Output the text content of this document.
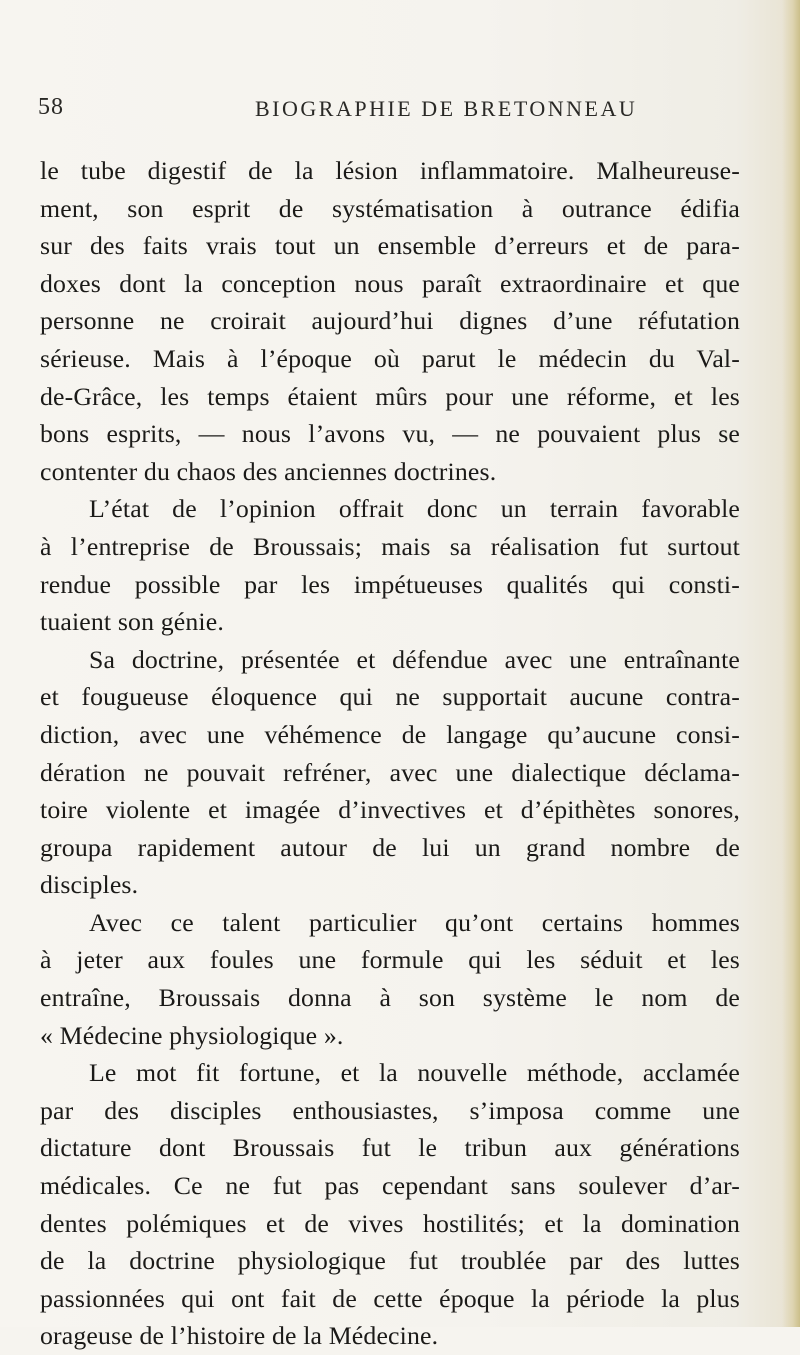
58	BIOGRAPHIE DE BRETONNEAU

le tube digestif de la lésion inflammatoire. Malheureuse-
ment, son esprit de systématisation à outrance édifia
sur des faits vrais tout un ensemble d’erreurs et de para-
doxes dont la conception nous paraît extraordinaire et que
personne ne croirait aujourd’hui dignes d’une réfutation
sérieuse. Mais à l’époque où parut le médecin du Val-
de-Grâce, les temps étaient mûrs pour une réforme, et les
bons esprits, — nous l’avons vu, — ne pouvaient plus se
contenter du chaos des anciennes doctrines.

L’état de l’opinion offrait donc un terrain favorable
à l’entreprise de Broussais; mais sa réalisation fut surtout
rendue possible par les impétueuses qualités qui consti-
tuaient son génie.

Sa doctrine, présentée et défendue avec une entraînante
et fougueuse éloquence qui ne supportait aucune contra-
diction, avec une véhémence de langage qu’aucune consi-
dération ne pouvait refréner, avec une dialectique déclama-
toire violente et imagée d’invectives et d’épithètes sonores,
groupa rapidement autour de lui un grand nombre de
disciples.

Avec ce talent particulier qu’ont certains hommes
à jeter aux foules une formule qui les séduit et les
entraîne, Broussais donna à son système le nom de
« Médecine physiologique ».

Le mot fit fortune, et la nouvelle méthode, acclamée
par des disciples enthousiastes, s’imposa comme une
dictature dont Broussais fut le tribun aux générations
médicales. Ce ne fut pas cependant sans soulever d’ar-
dentes polémiques et de vives hostilités; et la domination
de la doctrine physiologique fut troublée par des luttes
passionnées qui ont fait de cette époque la période la plus
orageuse de l’histoire de la Médecine.
